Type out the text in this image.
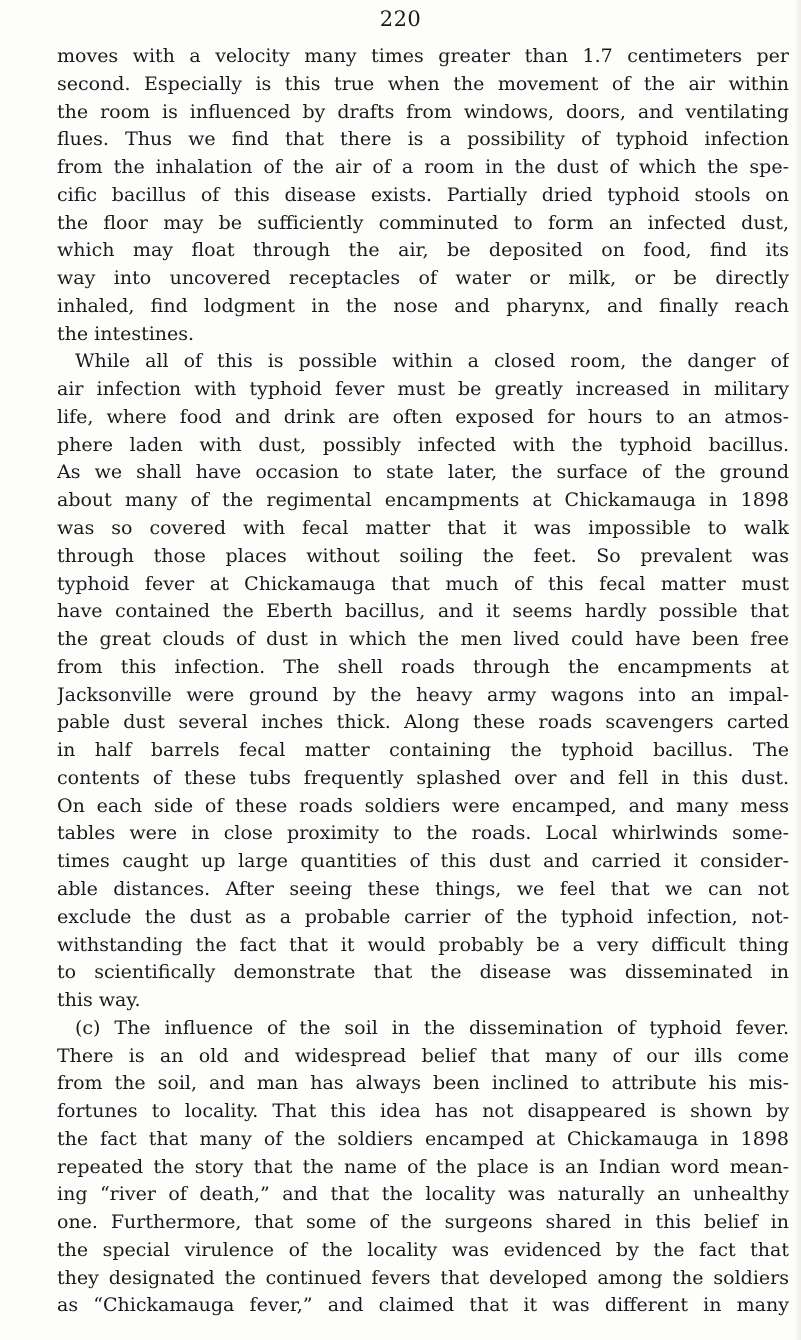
220
moves with a velocity many times greater than 1.7 centimeters per
second. Especially is this true when the movement of the air within
the room is influenced by drafts from windows, doors, and ventilating
flues. Thus we find that there is a possibility of typhoid infection
from the inhalation of the air of a room in the dust of which the spe-
cific bacillus of this disease exists. Partially dried typhoid stools on
the floor may be sufficiently comminuted to form an infected dust,
which may float through the air, be deposited on food, find its
way into uncovered receptacles of water or milk, or be directly
inhaled, find lodgment in the nose and pharynx, and finally reach
the intestines.
While all of this is possible within a closed room, the danger of
air infection with typhoid fever must be greatly increased in military
life, where food and drink are often exposed for hours to an atmos-
phere laden with dust, possibly infected with the typhoid bacillus.
As we shall have occasion to state later, the surface of the ground
about many of the regimental encampments at Chickamauga in 1898
was so covered with fecal matter that it was impossible to walk
through those places without soiling the feet. So prevalent was
typhoid fever at Chickamauga that much of this fecal matter must
have contained the Eberth bacillus, and it seems hardly possible that
the great clouds of dust in which the men lived could have been free
from this infection. The shell roads through the encampments at
Jacksonville were ground by the heavy army wagons into an impal-
pable dust several inches thick. Along these roads scavengers carted
in half barrels fecal matter containing the typhoid bacillus. The
contents of these tubs frequently splashed over and fell in this dust.
On each side of these roads soldiers were encamped, and many mess
tables were in close proximity to the roads. Local whirlwinds some-
times caught up large quantities of this dust and carried it consider-
able distances. After seeing these things, we feel that we can not
exclude the dust as a probable carrier of the typhoid infection, not-
withstanding the fact that it would probably be a very difficult thing
to scientifically demonstrate that the disease was disseminated in
this way.
(c) The influence of the soil in the dissemination of typhoid fever.
There is an old and widespread belief that many of our ills come
from the soil, and man has always been inclined to attribute his mis-
fortunes to locality. That this idea has not disappeared is shown by
the fact that many of the soldiers encamped at Chickamauga in 1898
repeated the story that the name of the place is an Indian word mean-
ing “river of death,” and that the locality was naturally an unhealthy
one. Furthermore, that some of the surgeons shared in this belief in
the special virulence of the locality was evidenced by the fact that
they designated the continued fevers that developed among the soldiers
as “Chickamauga fever,” and claimed that it was different in many
